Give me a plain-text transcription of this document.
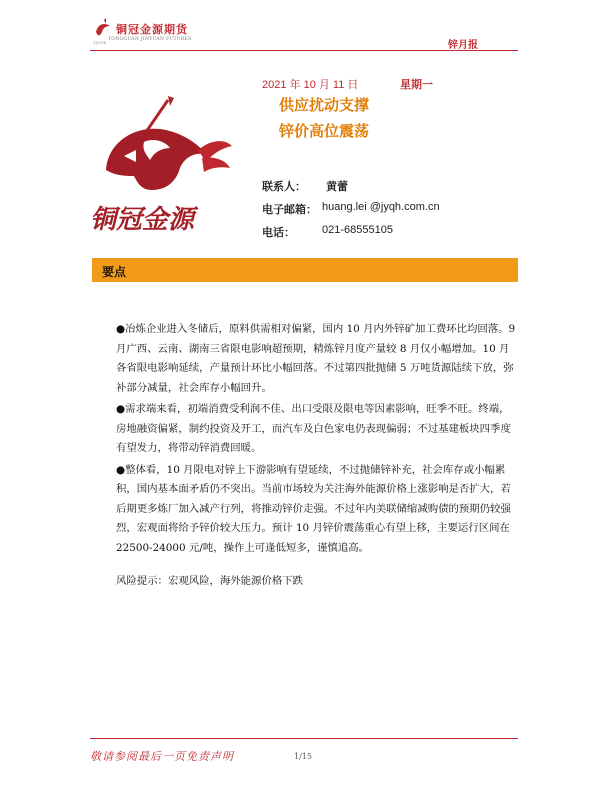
铜冠金源期货
TONGGUAN JINYUAN FUTURES
TJNYK	锌月报
铜冠金源
2021 年 10 月 11 日	星期一
供应扰动支撑
锌价高位震荡
联系人： 黄蕾
电子邮箱： huang.lei @jyqh.com.cn
电话： 021-68555105
要点

●冶炼企业进入冬储后，原料供需相对偏紧，国内 10 月内外锌矿加工费环比均回落。9 月广西、云南、湖南三省限电影响超预期，精炼锌月度产量较 8 月仅小幅增加。10 月各省限电影响延续，产量预计环比小幅回落。不过第四批抛储 5 万吨货源陆续下放，弥补部分减量，社会库存小幅回升。

●需求端来看，初端消费受利润不佳、出口受限及限电等因素影响，旺季不旺。终端，房地融资偏紧，制约投资及开工，而汽车及白色家电仍表现偏弱；不过基建板块四季度有望发力，将带动锌消费回暖。

●整体看，10 月限电对锌上下游影响有望延续，不过抛储锌补充，社会库存或小幅累积，国内基本面矛盾仍不突出。当前市场较为关注海外能源价格上涨影响是否扩大，若后期更多炼厂加入减产行列，将推动锌价走强。不过年内美联储缩减购债的预期仍较强烈，宏观面将给予锌价较大压力。预计 10 月锌价震荡重心有望上移，主要运行区间在 22500-24000 元/吨，操作上可逢低短多，谨慎追高。

风险提示：宏观风险，海外能源价格下跌
敬请参阅最后一页免责声明	1/15
